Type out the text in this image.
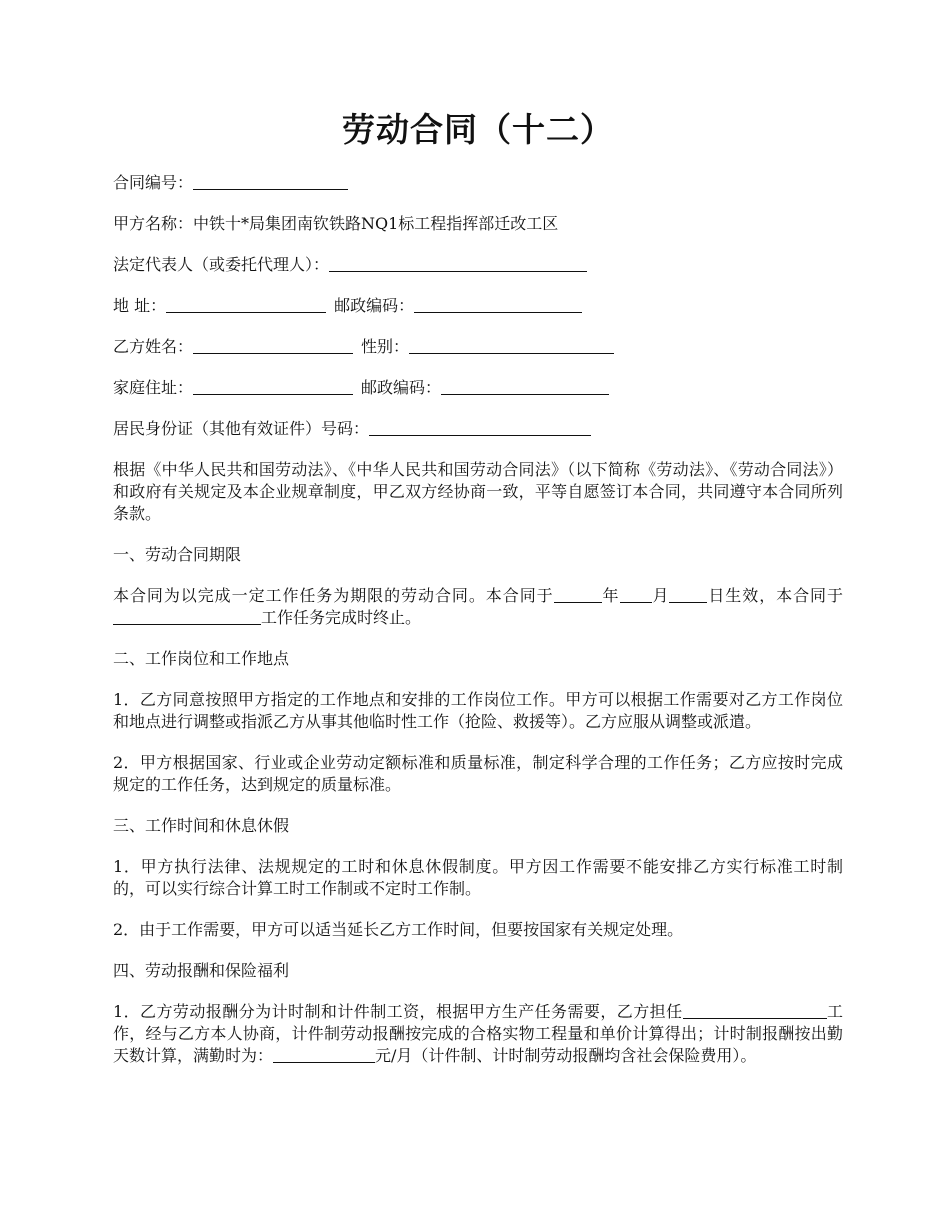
劳动合同（十二）

合同编号：

甲方名称：中铁十*局集团南钦铁路NQ1标工程指挥部迁改工区

法定代表人（或委托代理人）：

地 址：	邮政编码：

乙方姓名：	性别：

家庭住址：	邮政编码：

居民身份证（其他有效证件）号码：

根据《中华人民共和国劳动法》、《中华人民共和国劳动合同法》（以下简称《劳动法》、《劳动合同法》）和政府有关规定及本企业规章制度，甲乙双方经协商一致，平等自愿签订本合同，共同遵守本合同所列条款。

一、劳动合同期限

本合同为以完成一定工作任务为期限的劳动合同。本合同于	年 月 日生效，本合同于工作任务完成时终止。

二、工作岗位和工作地点

1．乙方同意按照甲方指定的工作地点和安排的工作岗位工作。甲方可以根据工作需要对乙方工作岗位和地点进行调整或指派乙方从事其他临时性工作（抢险、救援等）。乙方应服从调整或派遣。

2．甲方根据国家、行业或企业劳动定额标准和质量标准，制定科学合理的工作任务；乙方应按时完成规定的工作任务，达到规定的质量标准。

三、工作时间和休息休假

1．甲方执行法律、法规规定的工时和休息休假制度。甲方因工作需要不能安排乙方实行标准工时制的，可以实行综合计算工时工作制或不定时工作制。

2．由于工作需要，甲方可以适当延长乙方工作时间，但要按国家有关规定处理。

四、劳动报酬和保险福利

1．乙方劳动报酬分为计时制和计件制工资，根据甲方生产任务需要，乙方担任	工作，经与乙方本人协商，计件制劳动报酬按完成的合格实物工程量和单价计算得出；计时制报酬按出勤天数计算，满勤时为：	元/月（计件制、计时制劳动报酬均含社会保险费用）。
